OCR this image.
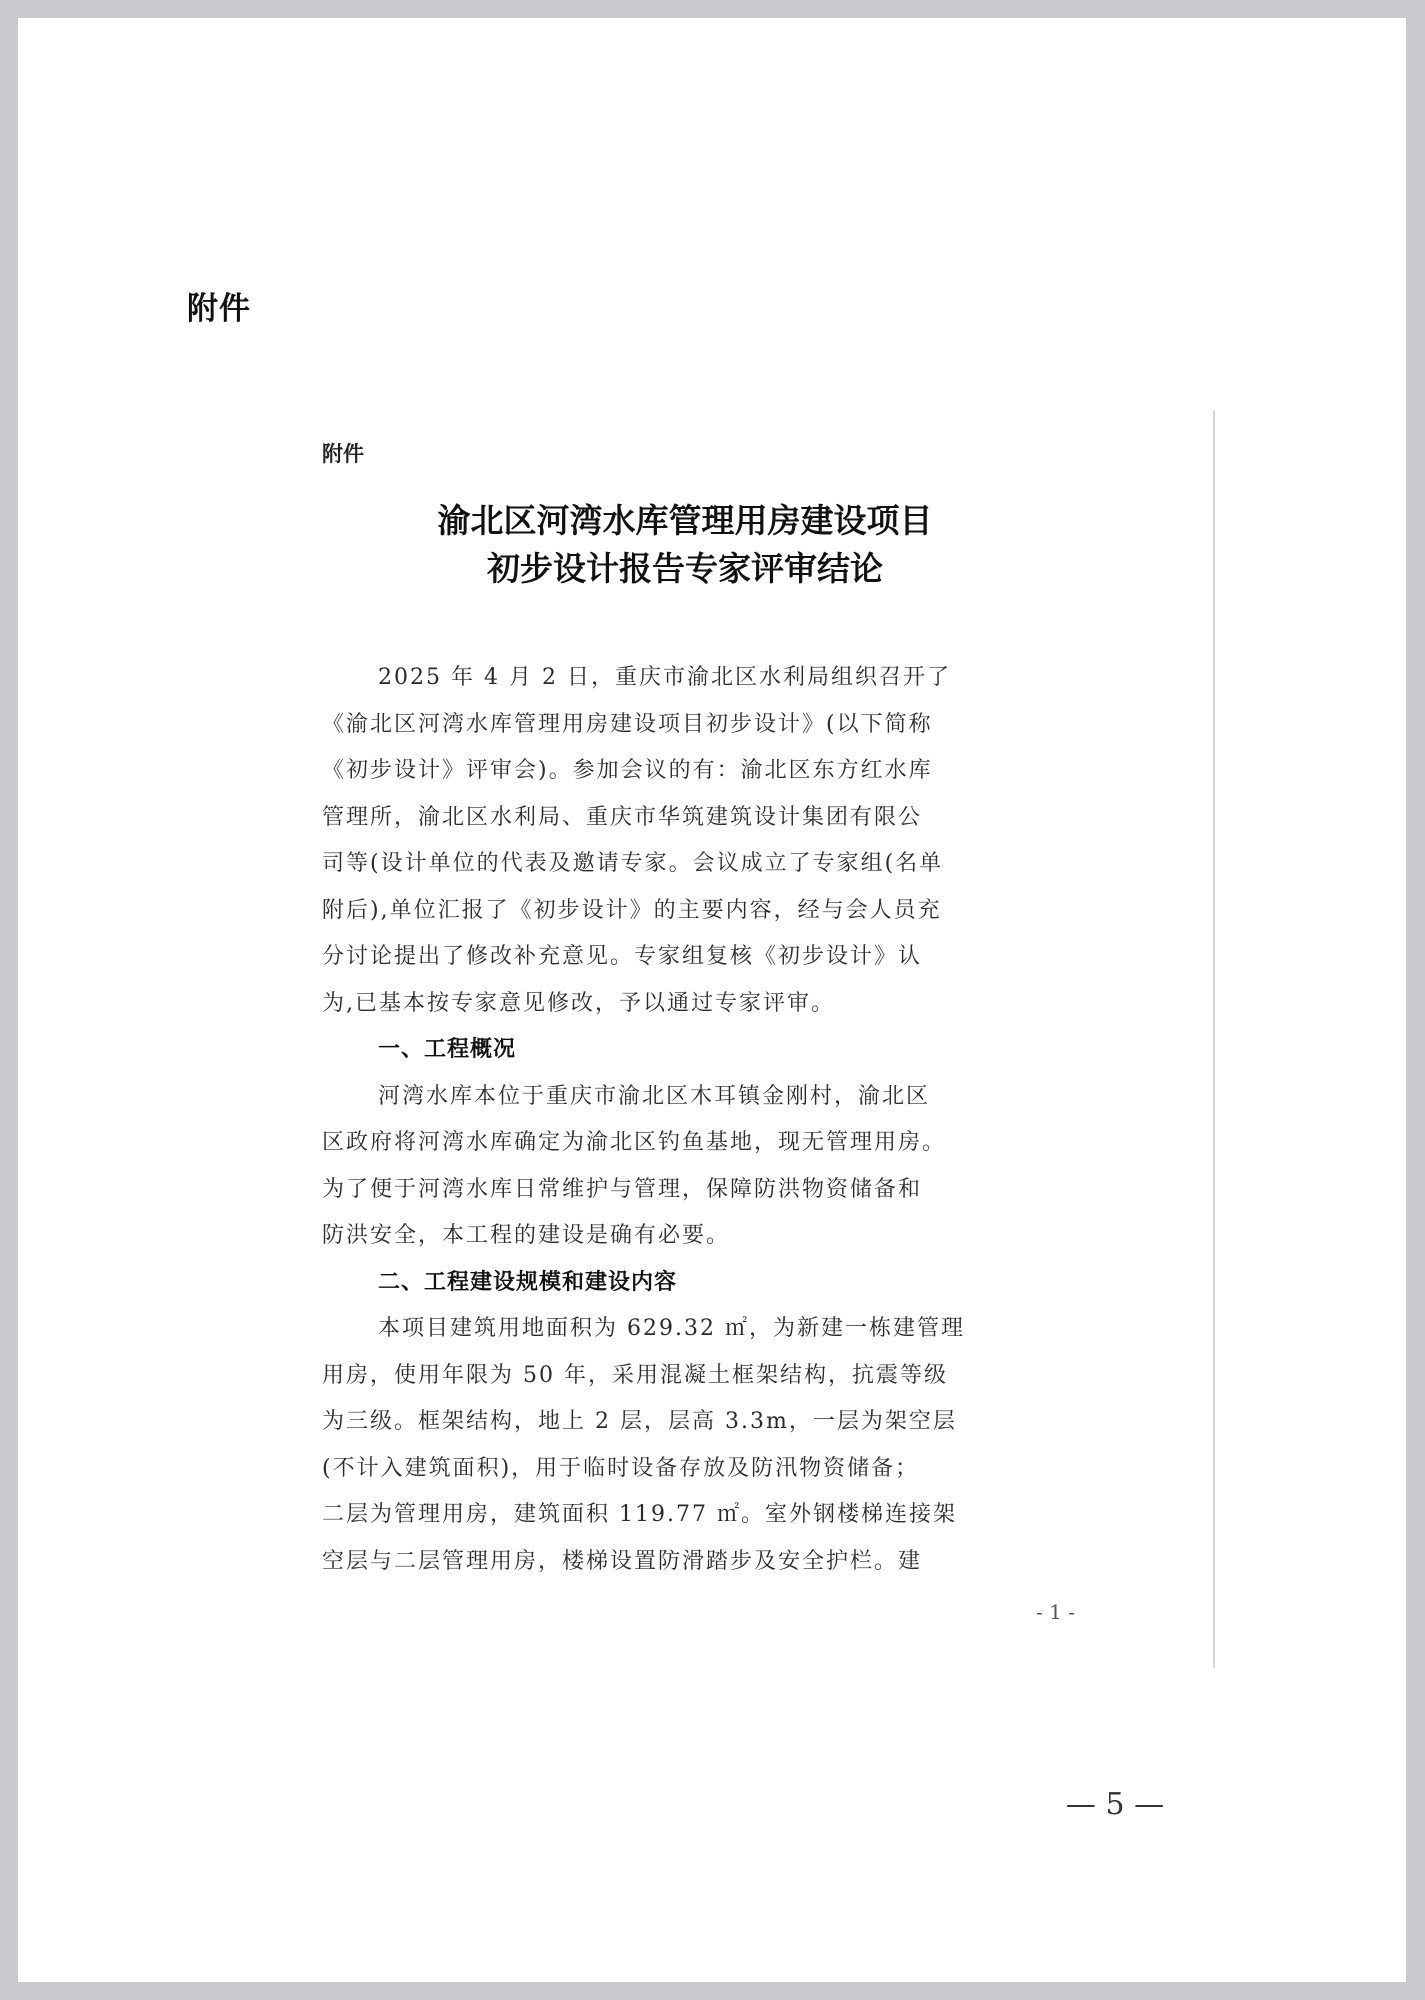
附件
附件
渝北区河湾水库管理用房建设项目
初步设计报告专家评审结论
2025 年 4 月 2 日，重庆市渝北区水利局组织召开了
《渝北区河湾水库管理用房建设项目初步设计》(以下简称
《初步设计》评审会)。参加会议的有：渝北区东方红水库
管理所，渝北区水利局、重庆市华筑建筑设计集团有限公
司等(设计单位的代表及邀请专家。会议成立了专家组(名单
附后),单位汇报了《初步设计》的主要内容，经与会人员充
分讨论提出了修改补充意见。专家组复核《初步设计》认
为,已基本按专家意见修改，予以通过专家评审。
一、工程概况
河湾水库本位于重庆市渝北区木耳镇金刚村，渝北区
区政府将河湾水库确定为渝北区钓鱼基地，现无管理用房。
为了便于河湾水库日常维护与管理，保障防洪物资储备和
防洪安全，本工程的建设是确有必要。
二、工程建设规模和建设内容
本项目建筑用地面积为 629.32 ㎡，为新建一栋建管理
用房，使用年限为 50 年，采用混凝土框架结构，抗震等级
为三级。框架结构，地上 2 层，层高 3.3m，一层为架空层
(不计入建筑面积)，用于临时设备存放及防汛物资储备；
二层为管理用房，建筑面积 119.77 ㎡。室外钢楼梯连接架
空层与二层管理用房，楼梯设置防滑踏步及安全护栏。建
- 1 -
— 5 —
